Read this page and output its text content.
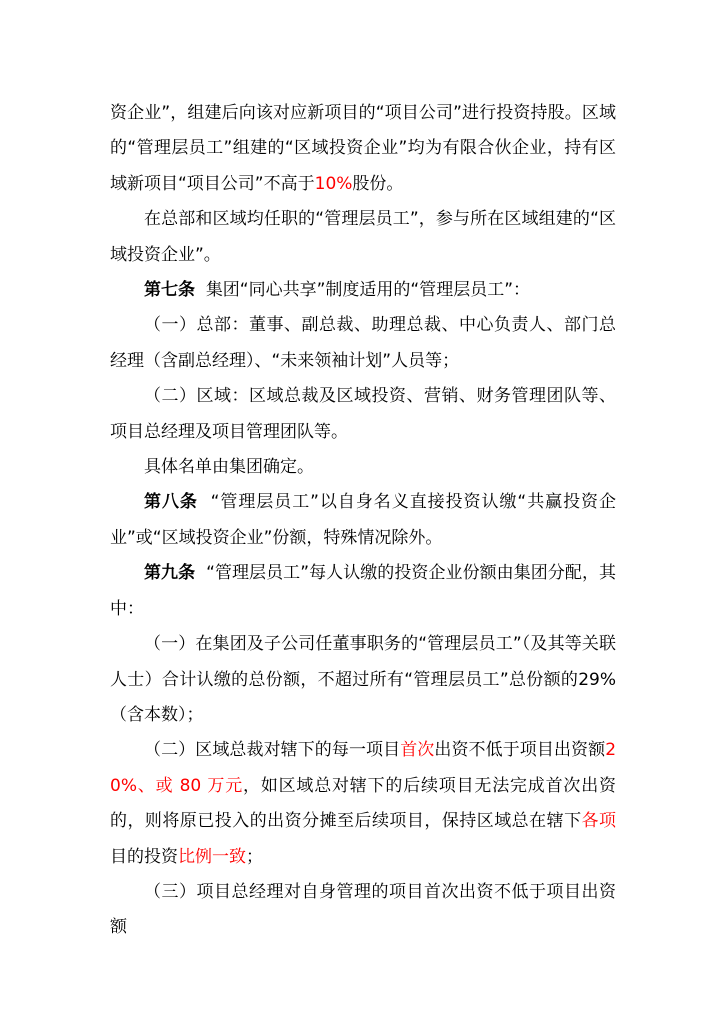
资企业”，组建后向该对应新项目的“项目公司”进行投资持股。区域的“管理层员工”组建的“区域投资企业”均为有限合伙企业，持有区域新项目“项目公司”不高于10%股份。
在总部和区域均任职的“管理层员工”，参与所在区域组建的“区域投资企业”。
第七条 集团“同心共享”制度适用的“管理层员工”：
（一）总部：董事、副总裁、助理总裁、中心负责人、部门总经理（含副总经理）、“未来领袖计划”人员等；
（二）区域：区域总裁及区域投资、营销、财务管理团队等、项目总经理及项目管理团队等。
具体名单由集团确定。
第八条 “管理层员工”以自身名义直接投资认缴“共赢投资企业”或“区域投资企业”份额，特殊情况除外。
第九条 “管理层员工”每人认缴的投资企业份额由集团分配，其中：
（一）在集团及子公司任董事职务的“管理层员工”（及其等关联人士）合计认缴的总份额，不超过所有“管理层员工”总份额的29%（含本数）；
（二）区域总裁对辖下的每一项目首次出资不低于项目出资额20%、或 80 万元，如区域总对辖下的后续项目无法完成首次出资的，则将原已投入的出资分摊至后续项目，保持区域总在辖下各项目的投资比例一致；
（三）项目总经理对自身管理的项目首次出资不低于项目出资额
